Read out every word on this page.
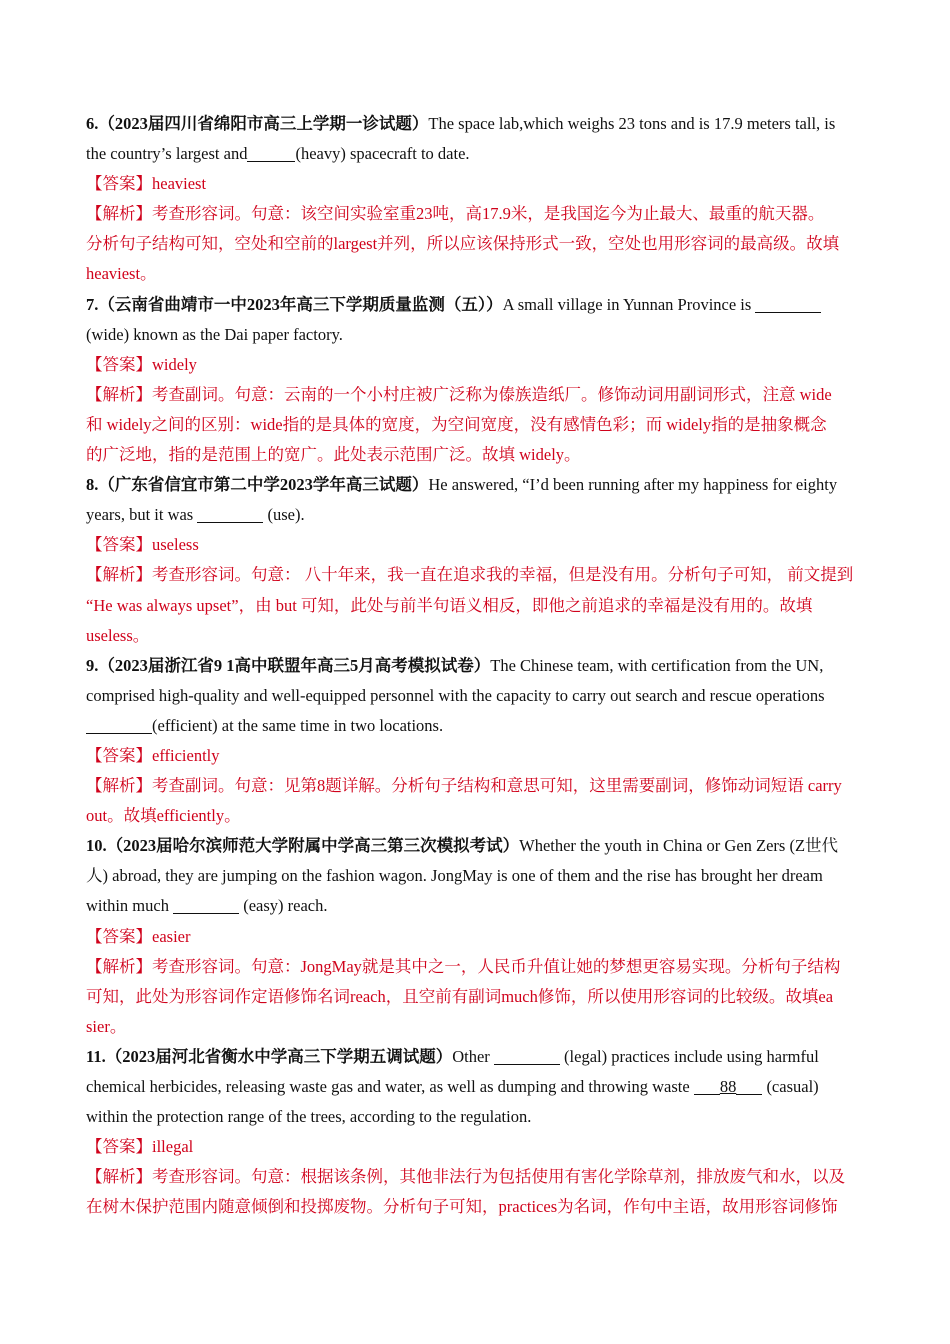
6.（2023届四川省绵阳市高三上学期一诊试题）The space lab,which weighs 23 tons and is 17.9 meters tall, is
the country’s largest and	(heavy) spacecraft to date.
【答案】heaviest
【解析】考查形容词。句意：该空间实验室重23吨，高17.9米，是我国迄今为止最大、最重的航天器。
分析句子结构可知，空处和空前的largest并列，所以应该保持形式一致，空处也用形容词的最高级。故填
heaviest。
7.（云南省曲靖市一中2023年高三下学期质量监测（五））A small village in Yunnan Province is
(wide) known as the Dai paper factory.
【答案】widely
【解析】考查副词。句意：云南的一个小村庄被广泛称为傣族造纸厂。修饰动词用副词形式，注意 wide
和 widely之间的区别：wide指的是具体的宽度，为空间宽度，没有感情色彩；而 widely指的是抽象概念
的广泛地，指的是范围上的宽广。此处表示范围广泛。故填 widely。
8.（广东省信宜市第二中学2023学年高三试题）He answered, “I’d been running after my happiness for eighty
years, but it was	(use).
【答案】useless
【解析】考查形容词。句意： 八十年来，我一直在追求我的幸福，但是没有用。分析句子可知， 前文提到
“He was always upset”，由 but 可知，此处与前半句语义相反，即他之前追求的幸福是没有用的。故填
useless。
9.（2023届浙江省9 1高中联盟年高三5月高考模拟试卷）The Chinese team, with certification from the UN,
comprised high-quality and well-equipped personnel with the capacity to carry out search and rescue operations
(efficient) at the same time in two locations.
【答案】efficiently
【解析】考查副词。句意：见第8题详解。分析句子结构和意思可知，这里需要副词，修饰动词短语 carry
out。故填efficiently。
10.（2023届哈尔滨师范大学附属中学高三第三次模拟考试）Whether the youth in China or Gen Zers (Z世代
人) abroad, they are jumping on the fashion wagon. JongMay is one of them and the rise has brought her dream
within much	(easy) reach.
【答案】easier
【解析】考查形容词。句意：JongMay就是其中之一，人民币升值让她的梦想更容易实现。分析句子结构
可知，此处为形容词作定语修饰名词reach，且空前有副词much修饰，所以使用形容词的比较级。故填ea
sier。
11.（2023届河北省衡水中学高三下学期五调试题）Other	(legal) practices include using harmful
chemical herbicides, releasing waste gas and water, as well as dumping and throwing waste 88 (casual)
within the protection range of the trees, according to the regulation.
【答案】illegal
【解析】考查形容词。句意：根据该条例，其他非法行为包括使用有害化学除草剂，排放废气和水，以及
在树木保护范围内随意倾倒和投掷废物。分析句子可知，practices为名词，作句中主语，故用形容词修饰
